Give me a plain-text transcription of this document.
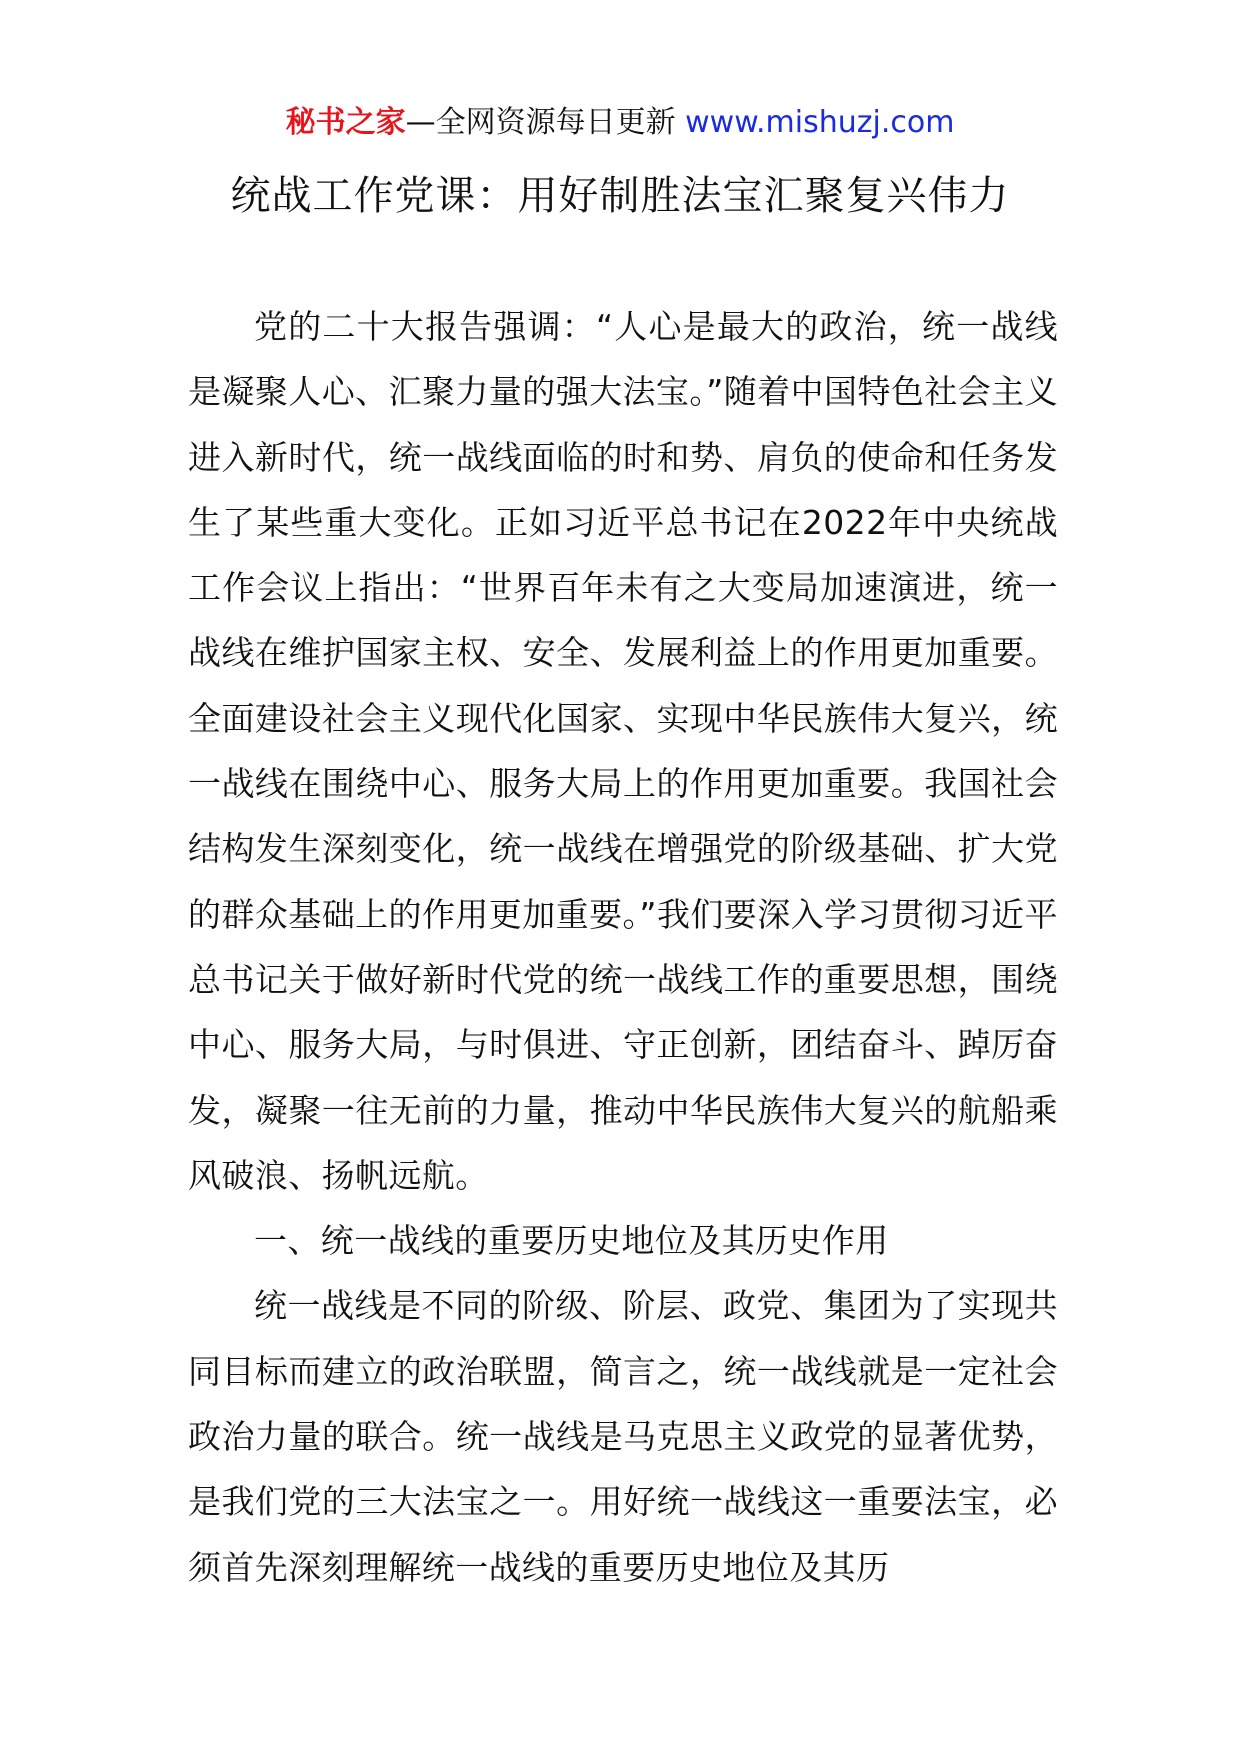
秘书之家—全网资源每日更新 www.mishuzj.com
统战工作党课：用好制胜法宝汇聚复兴伟力

党的二十大报告强调：“人心是最大的政治，统一战线是凝聚人心、汇聚力量的强大法宝。”随着中国特色社会主义进入新时代，统一战线面临的时和势、肩负的使命和任务发生了某些重大变化。正如习近平总书记在2022年中央统战工作会议上指出：“世界百年未有之大变局加速演进，统一战线在维护国家主权、安全、发展利益上的作用更加重要。全面建设社会主义现代化国家、实现中华民族伟大复兴，统一战线在围绕中心、服务大局上的作用更加重要。我国社会结构发生深刻变化，统一战线在增强党的阶级基础、扩大党的群众基础上的作用更加重要。”我们要深入学习贯彻习近平总书记关于做好新时代党的统一战线工作的重要思想，围绕中心、服务大局，与时俱进、守正创新，团结奋斗、踔厉奋发，凝聚一往无前的力量，推动中华民族伟大复兴的航船乘风破浪、扬帆远航。

一、统一战线的重要历史地位及其历史作用

统一战线是不同的阶级、阶层、政党、集团为了实现共同目标而建立的政治联盟，简言之，统一战线就是一定社会政治力量的联合。统一战线是马克思主义政党的显著优势，是我们党的三大法宝之一。用好统一战线这一重要法宝，必须首先深刻理解统一战线的重要历史地位及其历
